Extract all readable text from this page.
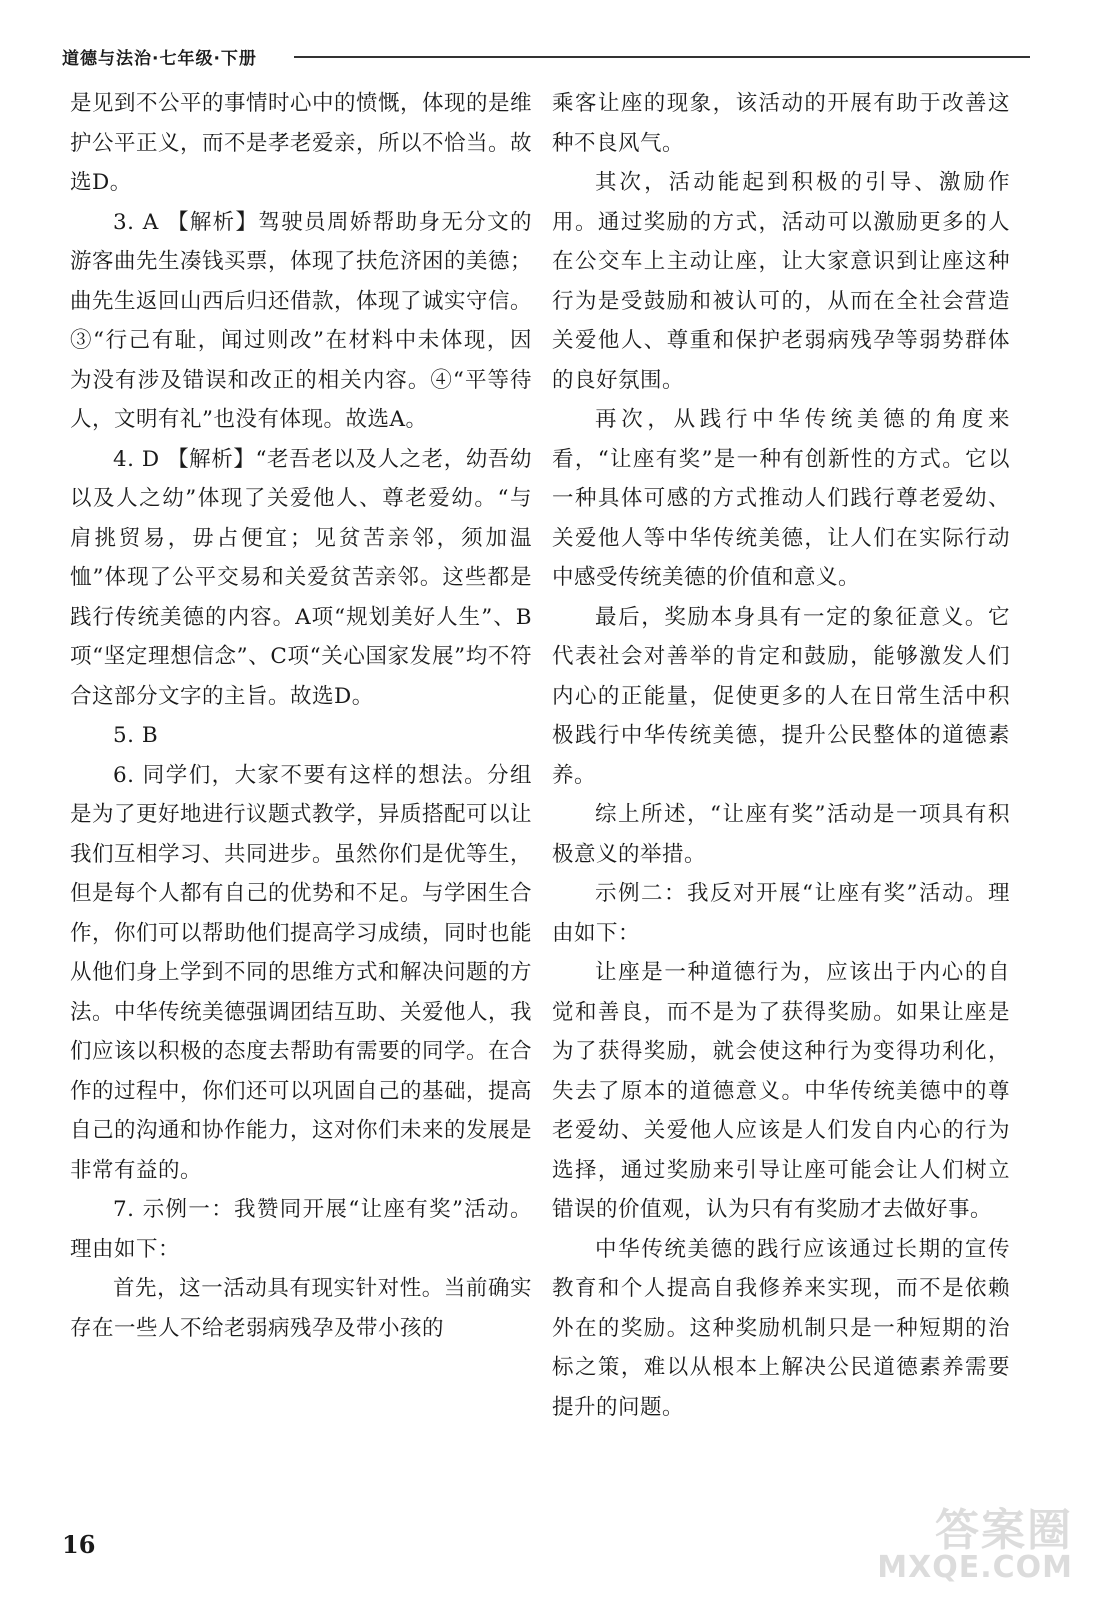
道德与法治·七年级·下册

是见到不公平的事情时心中的愤慨，体现的是维护公平正义，而不是孝老爱亲，所以不恰当。故选D。

3. A 【解析】驾驶员周娇帮助身无分文的游客曲先生凑钱买票，体现了扶危济困的美德；曲先生返回山西后归还借款，体现了诚实守信。③“行己有耻，闻过则改”在材料中未体现，因为没有涉及错误和改正的相关内容。④“平等待人，文明有礼”也没有体现。故选A。

4. D 【解析】“老吾老以及人之老，幼吾幼以及人之幼”体现了关爱他人、尊老爱幼。“与肩挑贸易，毋占便宜；见贫苦亲邻，须加温恤”体现了公平交易和关爱贫苦亲邻。这些都是践行传统美德的内容。A项“规划美好人生”、B项“坚定理想信念”、C项“关心国家发展”均不符合这部分文字的主旨。故选D。

5. B

6. 同学们，大家不要有这样的想法。分组是为了更好地进行议题式教学，异质搭配可以让我们互相学习、共同进步。虽然你们是优等生，但是每个人都有自己的优势和不足。与学困生合作，你们可以帮助他们提高学习成绩，同时也能从他们身上学到不同的思维方式和解决问题的方法。中华传统美德强调团结互助、关爱他人，我们应该以积极的态度去帮助有需要的同学。在合作的过程中，你们还可以巩固自己的基础，提高自己的沟通和协作能力，这对你们未来的发展是非常有益的。

7. 示例一：我赞同开展“让座有奖”活动。理由如下：

首先，这一活动具有现实针对性。当前确实存在一些人不给老弱病残孕及带小孩的

乘客让座的现象，该活动的开展有助于改善这种不良风气。

其次，活动能起到积极的引导、激励作用。通过奖励的方式，活动可以激励更多的人在公交车上主动让座，让大家意识到让座这种行为是受鼓励和被认可的，从而在全社会营造关爱他人、尊重和保护老弱病残孕等弱势群体的良好氛围。

再次，从践行中华传统美德的角度来看，“让座有奖”是一种有创新性的方式。它以一种具体可感的方式推动人们践行尊老爱幼、关爱他人等中华传统美德，让人们在实际行动中感受传统美德的价值和意义。

最后，奖励本身具有一定的象征意义。它代表社会对善举的肯定和鼓励，能够激发人们内心的正能量，促使更多的人在日常生活中积极践行中华传统美德，提升公民整体的道德素养。

综上所述，“让座有奖”活动是一项具有积极意义的举措。

示例二：我反对开展“让座有奖”活动。理由如下：

让座是一种道德行为，应该出于内心的自觉和善良，而不是为了获得奖励。如果让座是为了获得奖励，就会使这种行为变得功利化，失去了原本的道德意义。中华传统美德中的尊老爱幼、关爱他人应该是人们发自内心的行为选择，通过奖励来引导让座可能会让人们树立错误的价值观，认为只有有奖励才去做好事。

中华传统美德的践行应该通过长期的宣传教育和个人提高自我修养来实现，而不是依赖外在的奖励。这种奖励机制只是一种短期的治标之策，难以从根本上解决公民道德素养需要提升的问题。

16	答案圈
MXQE.COM
